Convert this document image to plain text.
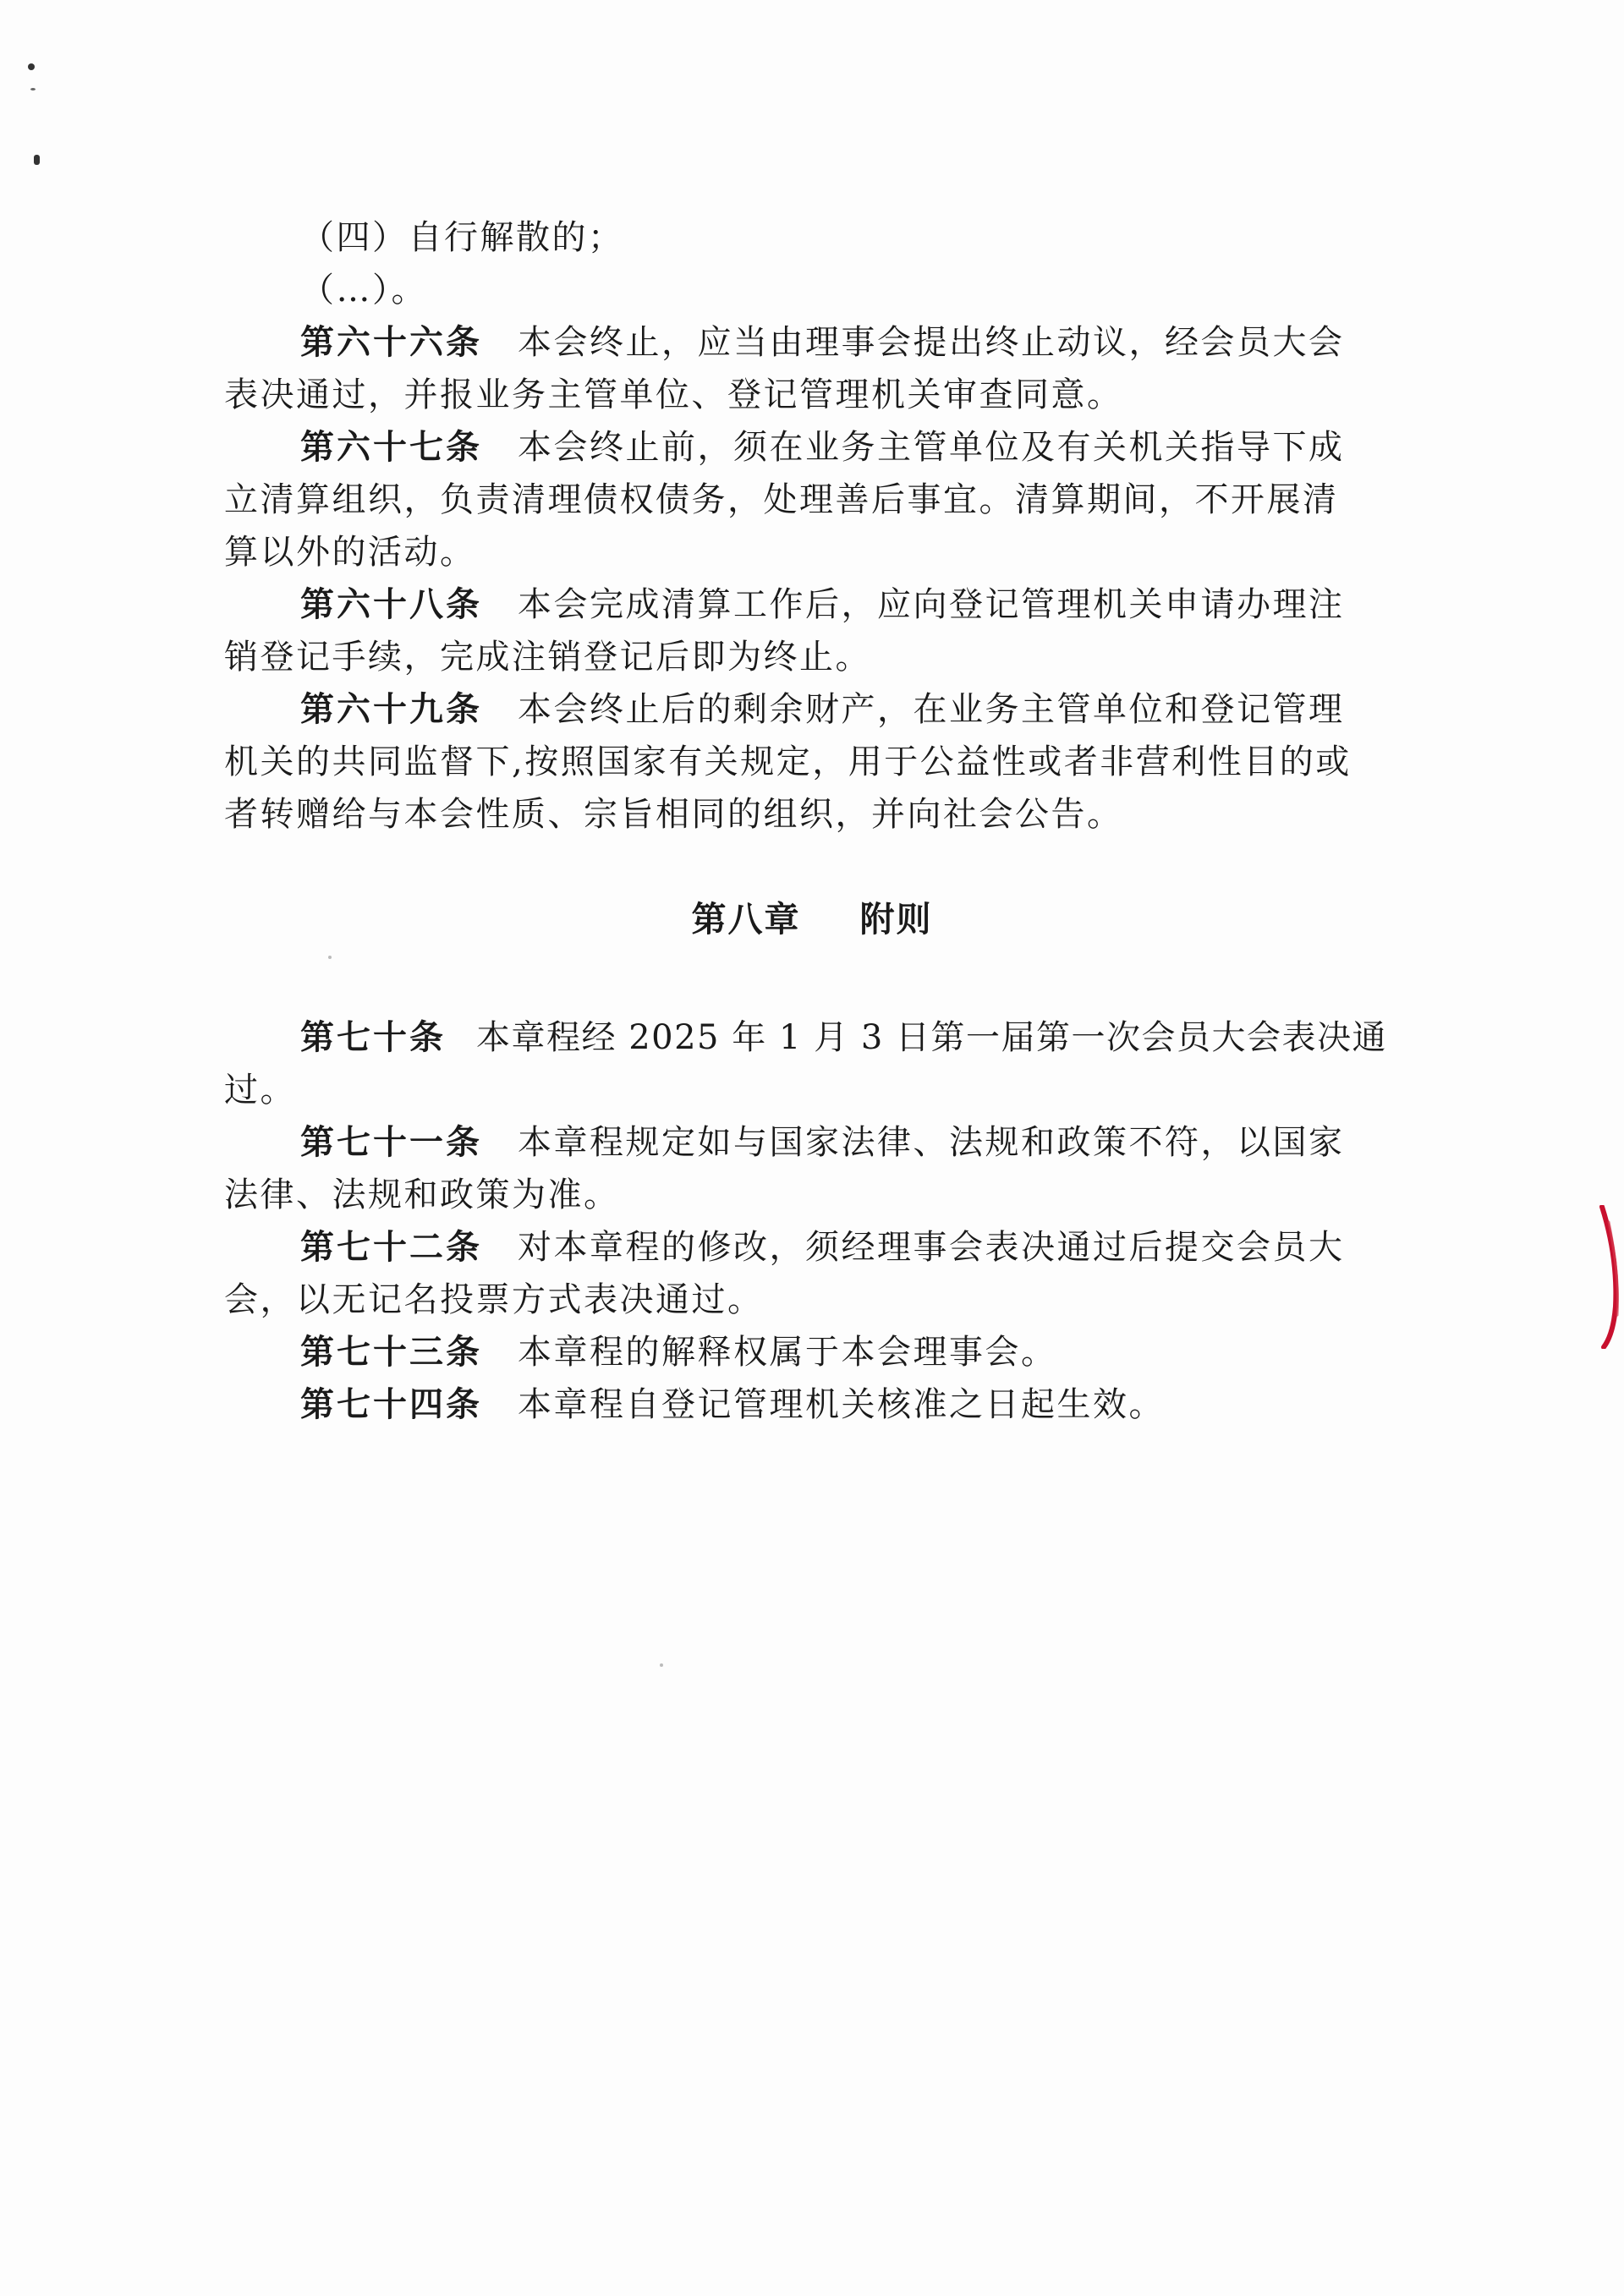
（四）自行解散的；
（…）。
第六十六条 本会终止，应当由理事会提出终止动议，经会员大会
表决通过，并报业务主管单位、登记管理机关审查同意。
第六十七条 本会终止前，须在业务主管单位及有关机关指导下成
立清算组织，负责清理债权债务，处理善后事宜。清算期间，不开展清
算以外的活动。
第六十八条 本会完成清算工作后，应向登记管理机关申请办理注
销登记手续，完成注销登记后即为终止。
第六十九条 本会终止后的剩余财产，在业务主管单位和登记管理
机关的共同监督下,按照国家有关规定，用于公益性或者非营利性目的或
者转赠给与本会性质、宗旨相同的组织，并向社会公告。
第八章 附则
第七十条 本章程经 2025 年 1 月 3 日第一届第一次会员大会表决通
过。
第七十一条 本章程规定如与国家法律、法规和政策不符，以国家
法律、法规和政策为准。
第七十二条 对本章程的修改，须经理事会表决通过后提交会员大
会，以无记名投票方式表决通过。
第七十三条 本章程的解释权属于本会理事会。
第七十四条 本章程自登记管理机关核准之日起生效。
